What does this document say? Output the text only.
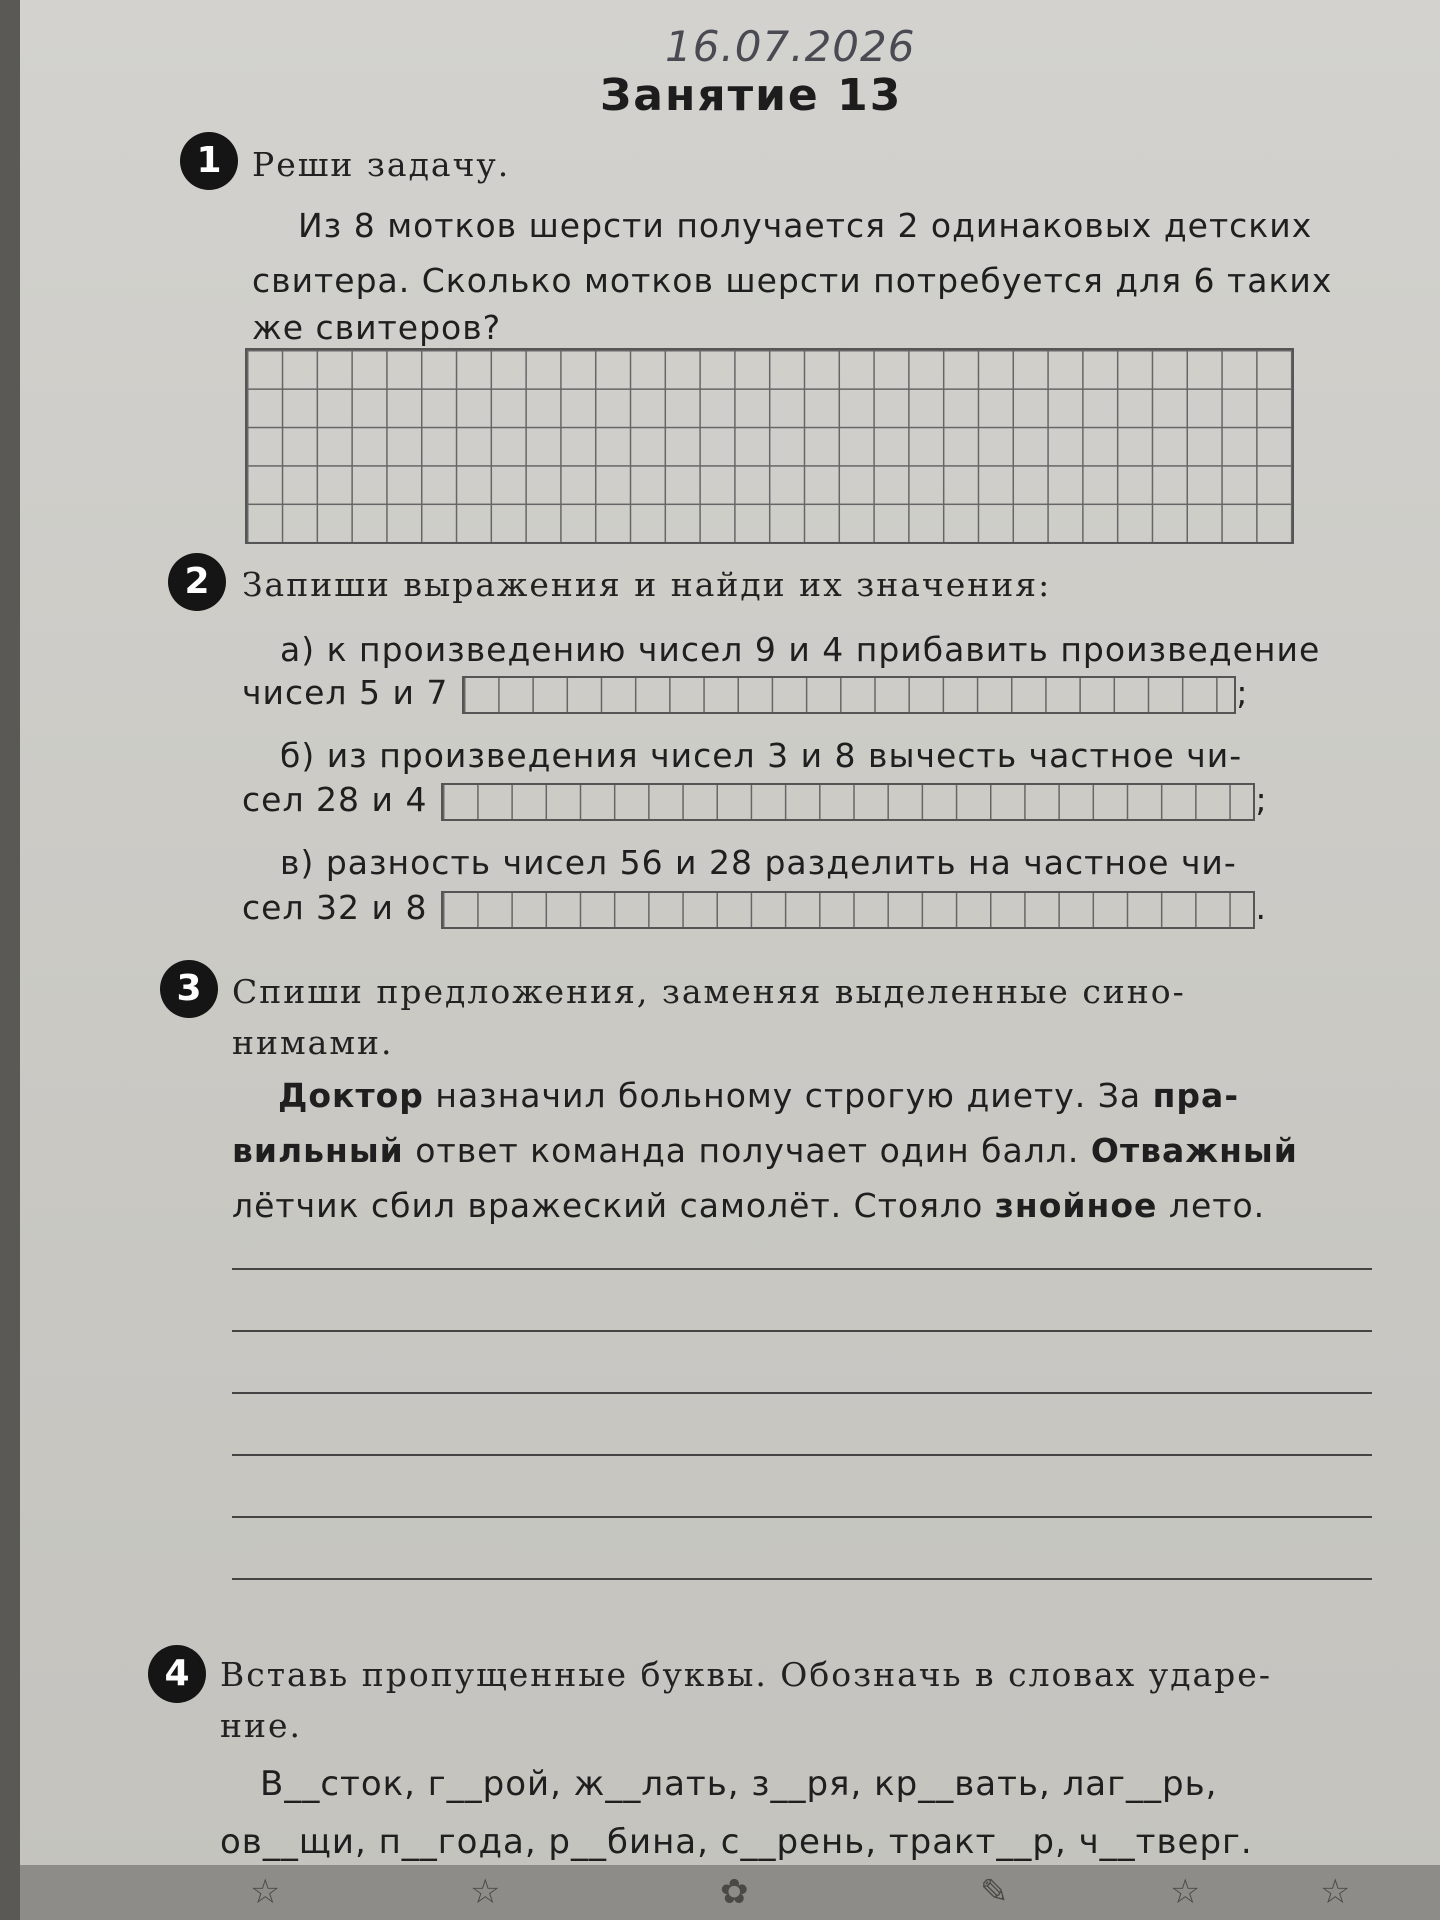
16.07.2026
Занятие 13
1 Реши задачу.
Из 8 мотков шерсти получается 2 одинаковых детских
свитера. Сколько мотков шерсти потребуется для 6 таких
же свитеров?
2 Запиши выражения и найди их значения:
а) к произведению чисел 9 и 4 прибавить произведение
чисел 5 и 7	;
б) из произведения чисел 3 и 8 вычесть частное чи-
сел 28 и 4	;
в) разность чисел 56 и 28 разделить на частное чи-
сел 32 и 8	.
3 Спиши предложения, заменяя выделенные сино-
нимами.
Доктор назначил больному строгую диету. За пра-
вильный ответ команда получает один балл. Отважный
лётчик сбил вражеский самолёт. Стояло знойное лето.
4 Вставь пропущенные буквы. Обозначь в словах ударе-
ние.
В__сток, г__рой, ж__лать, з__ря, кр__вать, лаг__рь,
ов__щи, п__года, р__бина, с__рень, тракт__р, ч__тверг.
☆	☆	✿	✎	☆	☆
